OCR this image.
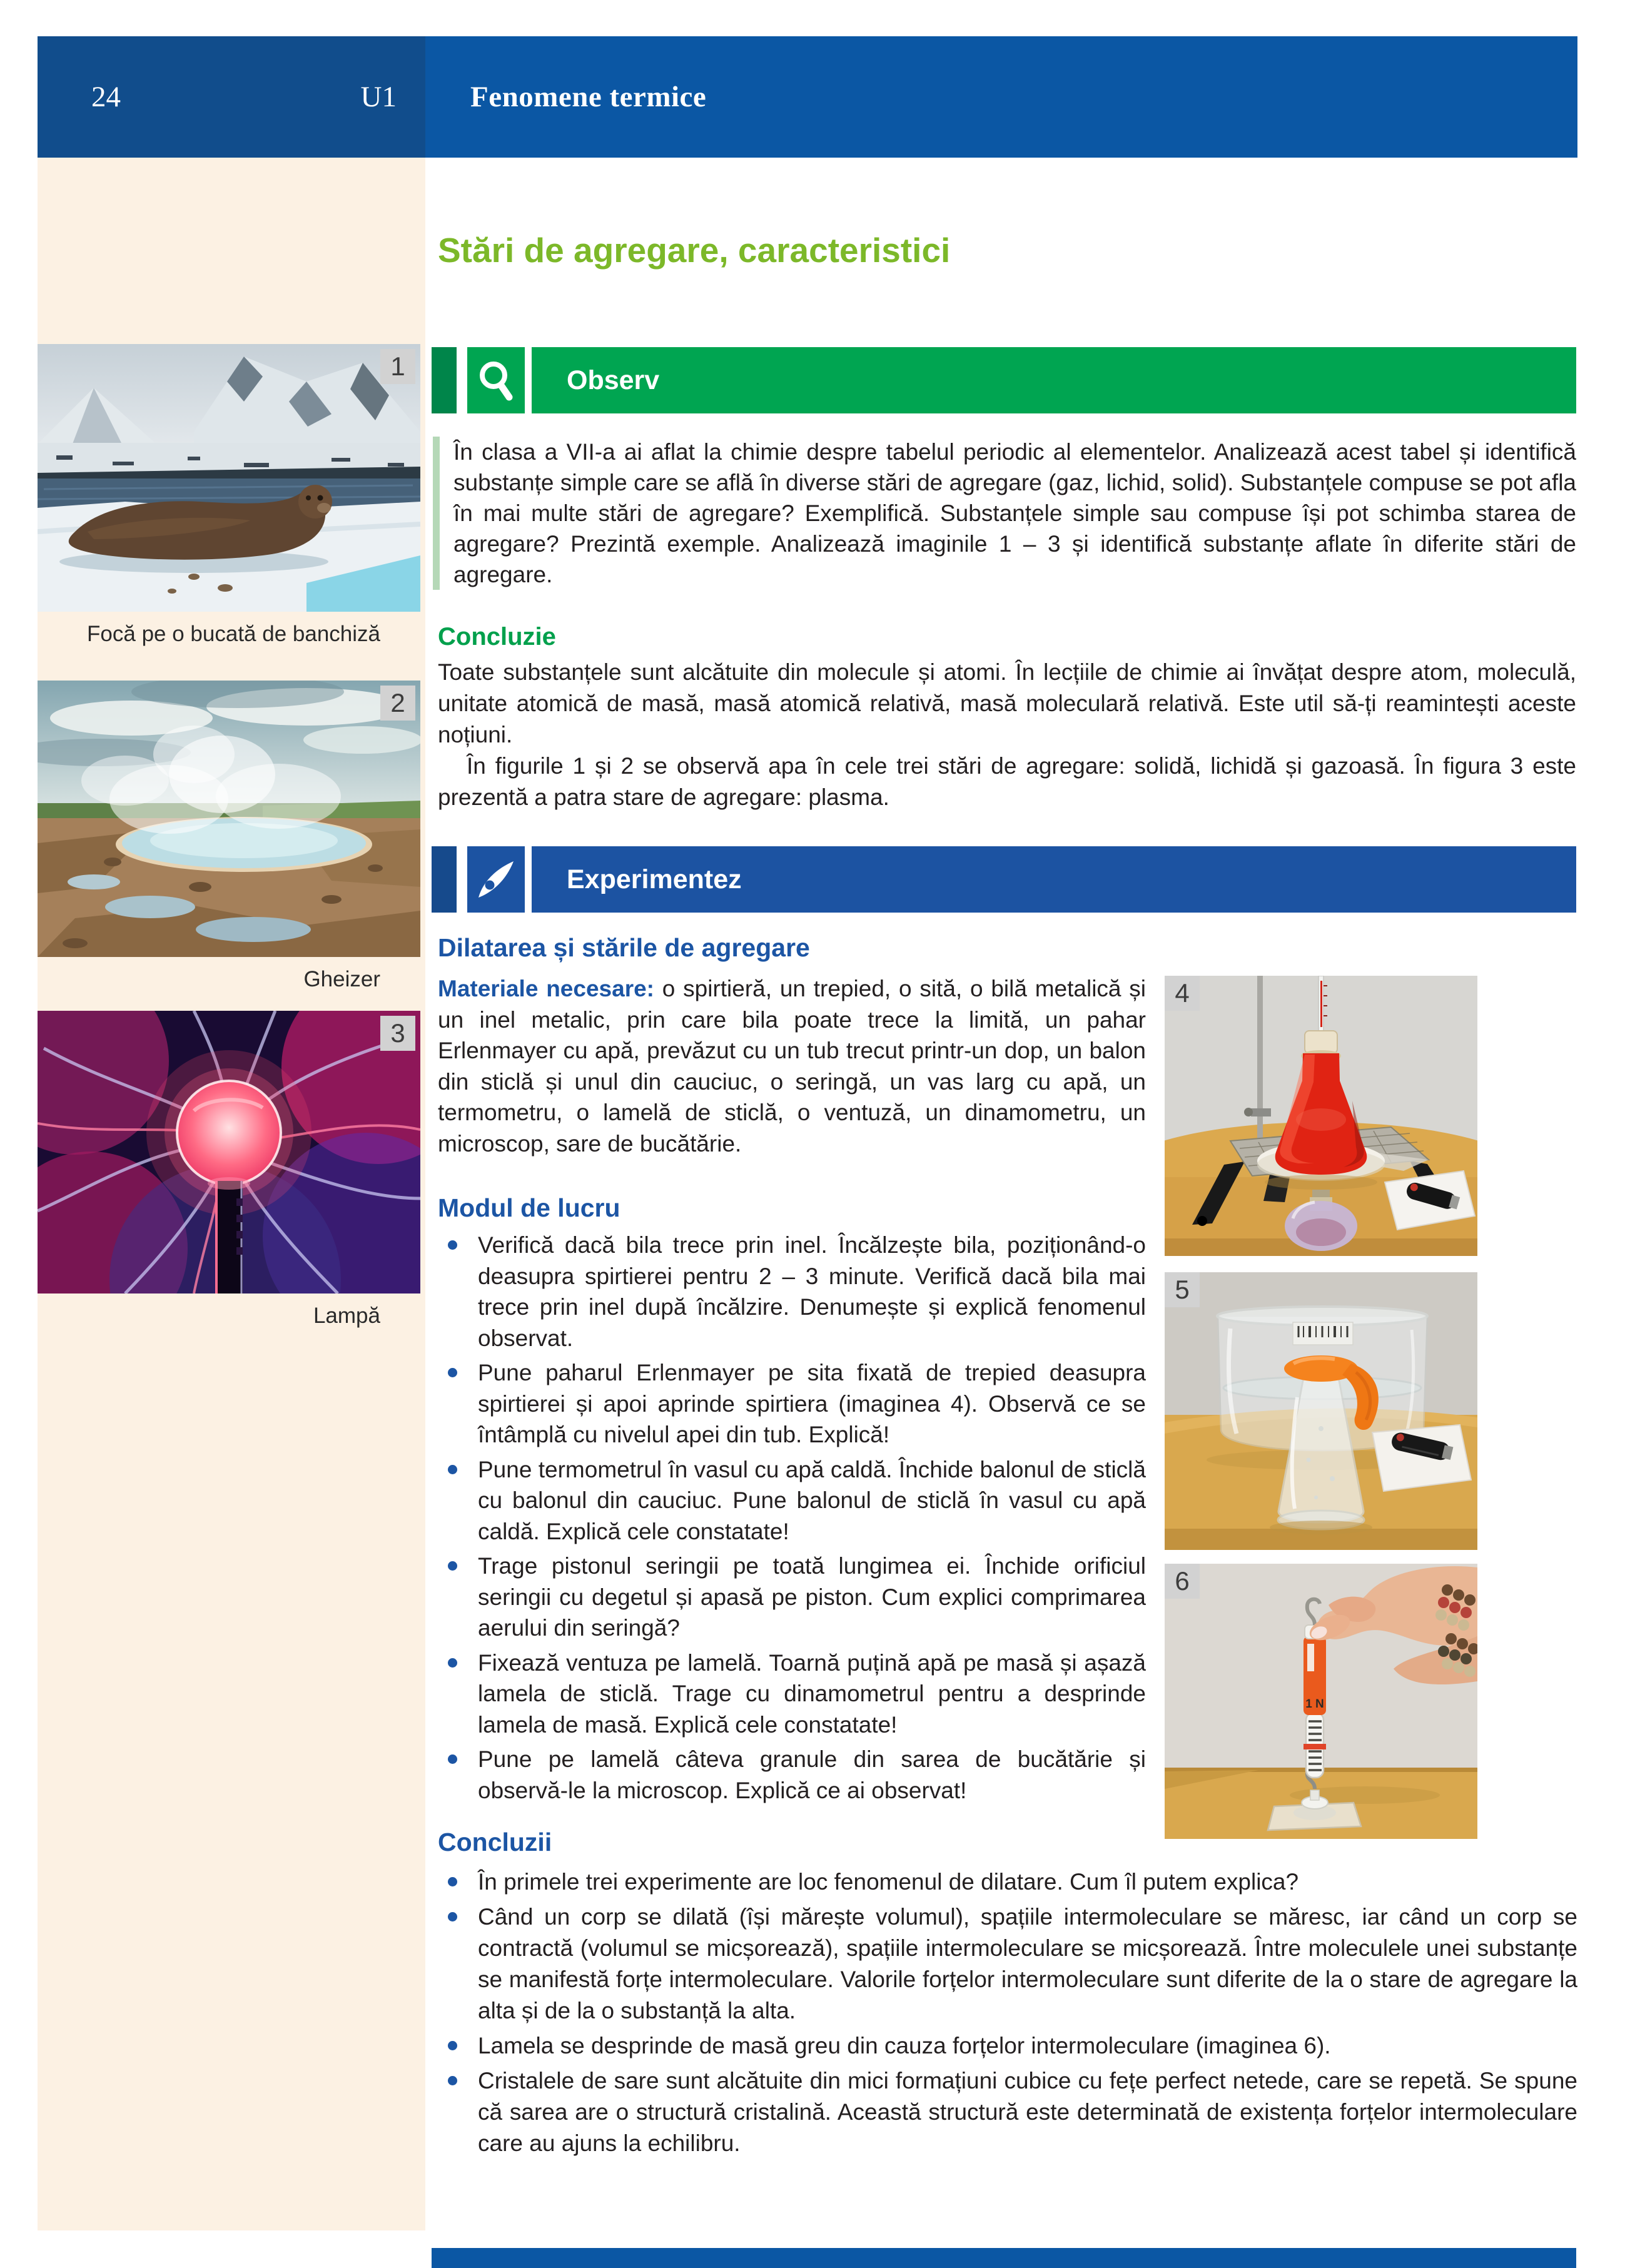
24	U1	Fenomene termice
1
Focă pe o bucată de banchiză
2
Gheizer
3
Lampă
Stări de agregare, caracteristici
Observ
În clasa a VII-a ai aflat la chimie despre tabelul periodic al elementelor. Analizează acest tabel și identifică substanțe simple care se află în diverse stări de agregare (gaz, lichid, solid). Substanțele compuse se pot afla în mai multe stări de agregare? Exemplifică. Substanțele simple sau compuse își pot schimba starea de agregare? Prezintă exemple. Analizează imaginile 1 – 3 și identifică substanțe aflate în diferite stări de agregare.
Concluzie
Toate substanțele sunt alcătuite din molecule și atomi. În lecțiile de chimie ai învățat despre atom, moleculă, unitate atomică de masă, masă atomică relativă, masă moleculară relativă. Este util să-ți reamintești aceste noțiuni.
În figurile 1 și 2 se observă apa în cele trei stări de agregare: solidă, lichidă și gazoasă. În figura 3 este prezentă a patra stare de agregare: plasma.
Experimentez
Dilatarea și stările de agregare
Materiale necesare: o spirtieră, un trepied, o sită, o bilă metalică și un inel metalic, prin care bila poate trece la limită, un pahar Erlenmayer cu apă, prevăzut cu un tub trecut printr-un dop, un balon din sticlă și unul din cauciuc, o seringă, un vas larg cu apă, un termometru, o lamelă de sticlă, o ventuză, un dinamometru, un microscop, sare de bucătărie.
Modul de lucru
Verifică dacă bila trece prin inel. Încălzește bila, poziționând-o deasupra spirtierei pentru 2 – 3 minute. Verifică dacă bila mai trece prin inel după încălzire. Denumește și explică fenomenul observat.
Pune paharul Erlenmayer pe sita fixată de trepied deasupra spirtierei și apoi aprinde spirtiera (imaginea 4). Observă ce se întâmplă cu nivelul apei din tub. Explică!
Pune termometrul în vasul cu apă caldă. Închide balonul de sticlă cu balonul din cauciuc. Pune balonul de sticlă în vasul cu apă caldă. Explică cele constatate!
Trage pistonul seringii pe toată lungimea ei. Închide orificiul seringii cu degetul și apasă pe piston. Cum explici comprimarea aerului din seringă?
Fixează ventuza pe lamelă. Toarnă puțină apă pe masă și așază lamela de sticlă. Trage cu dinamometrul pentru a desprinde lamela de masă. Explică cele constatate!
Pune pe lamelă câteva granule din sarea de bucătărie și observă-le la microscop. Explică ce ai observat!
Concluzii
În primele trei experimente are loc fenomenul de dilatare. Cum îl putem explica?
Când un corp se dilată (își mărește volumul), spațiile intermoleculare se măresc, iar când un corp se contractă (volumul se micșorează), spațiile intermoleculare se micșorează. Între moleculele unei substanțe se manifestă forțe intermoleculare. Valorile forțelor intermoleculare sunt diferite de la o stare de agregare la alta și de la o substanță la alta.
Lamela se desprinde de masă greu din cauza forțelor intermoleculare (imaginea 6).
Cristalele de sare sunt alcătuite din mici formațiuni cubice cu fețe perfect netede, care se repetă. Se spune că sarea are o structură cristalină. Această structură este determinată de existența forțelor intermoleculare care au ajuns la echilibru.
4
5
1 N
6
